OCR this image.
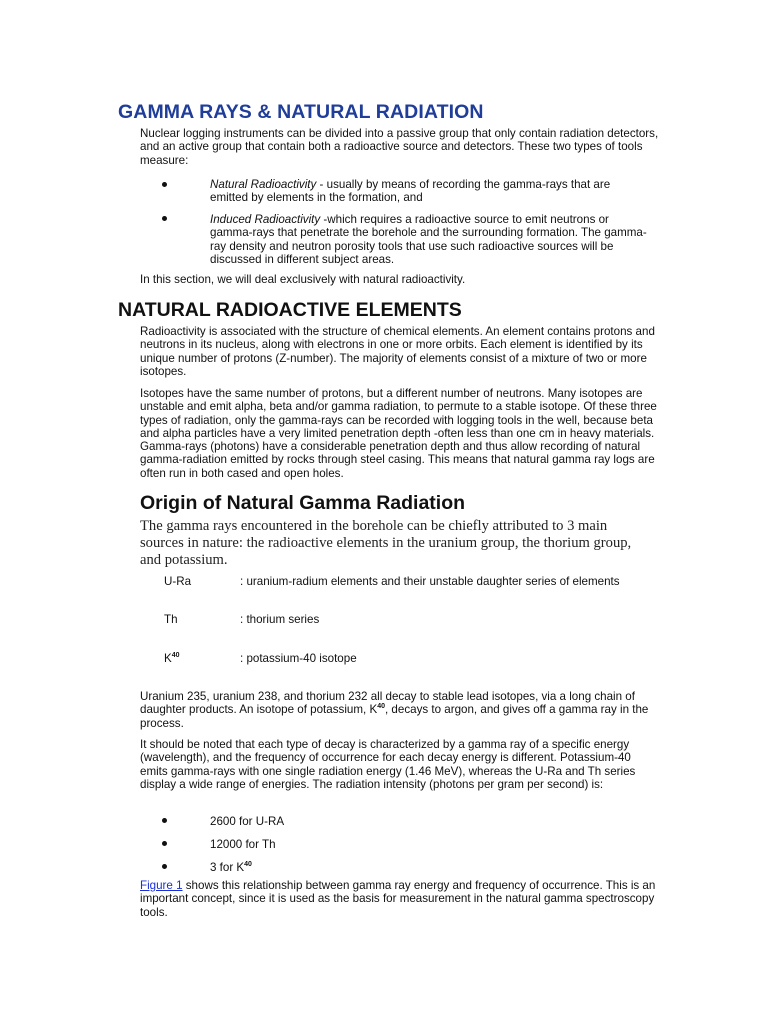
GAMMA RAYS & NATURAL RADIATION
Nuclear logging instruments can be divided into a passive group that only contain radiation detectors, and an active group that contain both a radioactive source and detectors. These two types of tools measure:
Natural Radioactivity - usually by means of recording the gamma-rays that are emitted by elements in the formation, and
Induced Radioactivity -which requires a radioactive source to emit neutrons or gamma-rays that penetrate the borehole and the surrounding formation. The gamma-ray density and neutron porosity tools that use such radioactive sources will be discussed in different subject areas.
In this section, we will deal exclusively with natural radioactivity.
NATURAL RADIOACTIVE ELEMENTS
Radioactivity is associated with the structure of chemical elements. An element contains protons and neutrons in its nucleus, along with electrons in one or more orbits. Each element is identified by its unique number of protons (Z-number). The majority of elements consist of a mixture of two or more isotopes.
Isotopes have the same number of protons, but a different number of neutrons. Many isotopes are unstable and emit alpha, beta and/or gamma radiation, to permute to a stable isotope. Of these three types of radiation, only the gamma-rays can be recorded with logging tools in the well, because beta and alpha particles have a very limited penetration depth -often less than one cm in heavy materials. Gamma-rays (photons) have a considerable penetration depth and thus allow recording of natural gamma-radiation emitted by rocks through steel casing. This means that natural gamma ray logs are often run in both cased and open holes.
Origin of Natural Gamma Radiation
The gamma rays encountered in the borehole can be chiefly attributed to 3 main sources in nature: the radioactive elements in the uranium group, the thorium group, and potassium.
U-Ra	: uranium-radium elements and their unstable daughter series of elements
Th	: thorium series
$K^{40}$	: potassium-40 isotope
Uranium 235, uranium 238, and thorium 232 all decay to stable lead isotopes, via a long chain of daughter products. An isotope of potassium, $K^{40}$, decays to argon, and gives off a gamma ray in the process.
It should be noted that each type of decay is characterized by a gamma ray of a specific energy (wavelength), and the frequency of occurrence for each decay energy is different. Potassium-40 emits gamma-rays with one single radiation energy (1.46 MeV), whereas the U-Ra and Th series display a wide range of energies. The radiation intensity (photons per gram per second) is:
2600 for U-RA
12000 for Th
3 for $K^{40}$
Figure 1 shows this relationship between gamma ray energy and frequency of occurrence. This is an important concept, since it is used as the basis for measurement in the natural gamma spectroscopy tools.
